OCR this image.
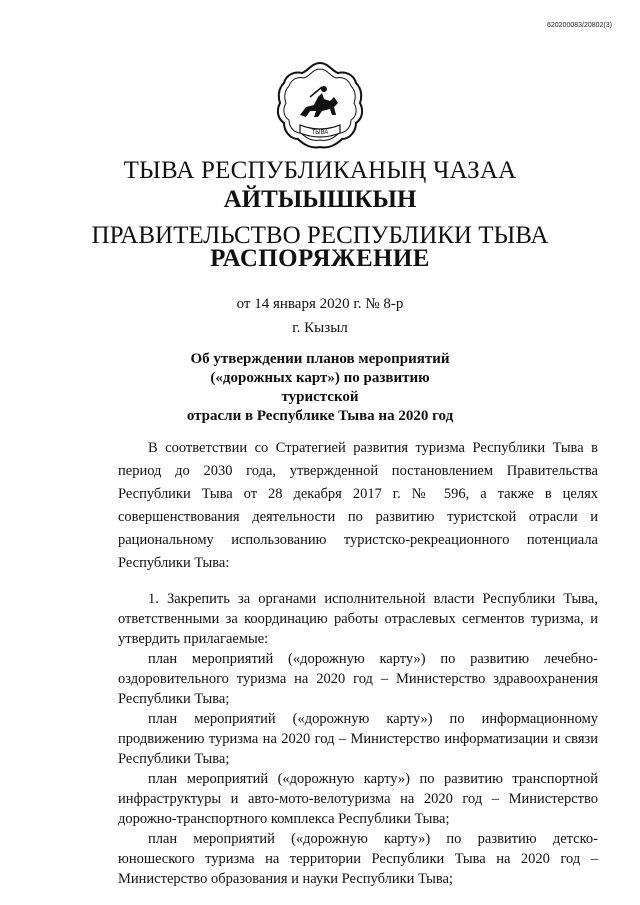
620200083/20802(3)
ТЫВА
ТЫВА РЕСПУБЛИКАНЫҢ ЧАЗАА
АЙТЫЫШКЫН
ПРАВИТЕЛЬСТВО РЕСПУБЛИКИ ТЫВА
РАСПОРЯЖЕНИЕ
от 14 января 2020 г. № 8-р
г. Кызыл
Об утверждении планов мероприятий
(«дорожных карт») по развитию туристской
отрасли в Республике Тыва на 2020 год

В соответствии со Стратегией развития туризма Республики Тыва в период до 2030 года, утвержденной постановлением Правительства Республики Тыва от 28 декабря 2017 г. № 596, а также в целях совершенствования деятельности по развитию туристской отрасли и рациональному использованию туристско-рекреационного потенциала Республики Тыва:

1. Закрепить за органами исполнительной власти Республики Тыва, ответственными за координацию работы отраслевых сегментов туризма, и утвердить прилагаемые:

план мероприятий («дорожную карту») по развитию лечебно-оздоровительного туризма на 2020 год – Министерство здравоохранения Республики Тыва;

план мероприятий («дорожную карту») по информационному продвижению туризма на 2020 год – Министерство информатизации и связи Республики Тыва;

план мероприятий («дорожную карту») по развитию транспортной инфраструктуры и авто-мото-велотуризма на 2020 год – Министерство дорожно-транспортного комплекса Республики Тыва;

план мероприятий («дорожную карту») по развитию детско-юношеского туризма на территории Республики Тыва на 2020 год – Министерство образования и науки Республики Тыва;
